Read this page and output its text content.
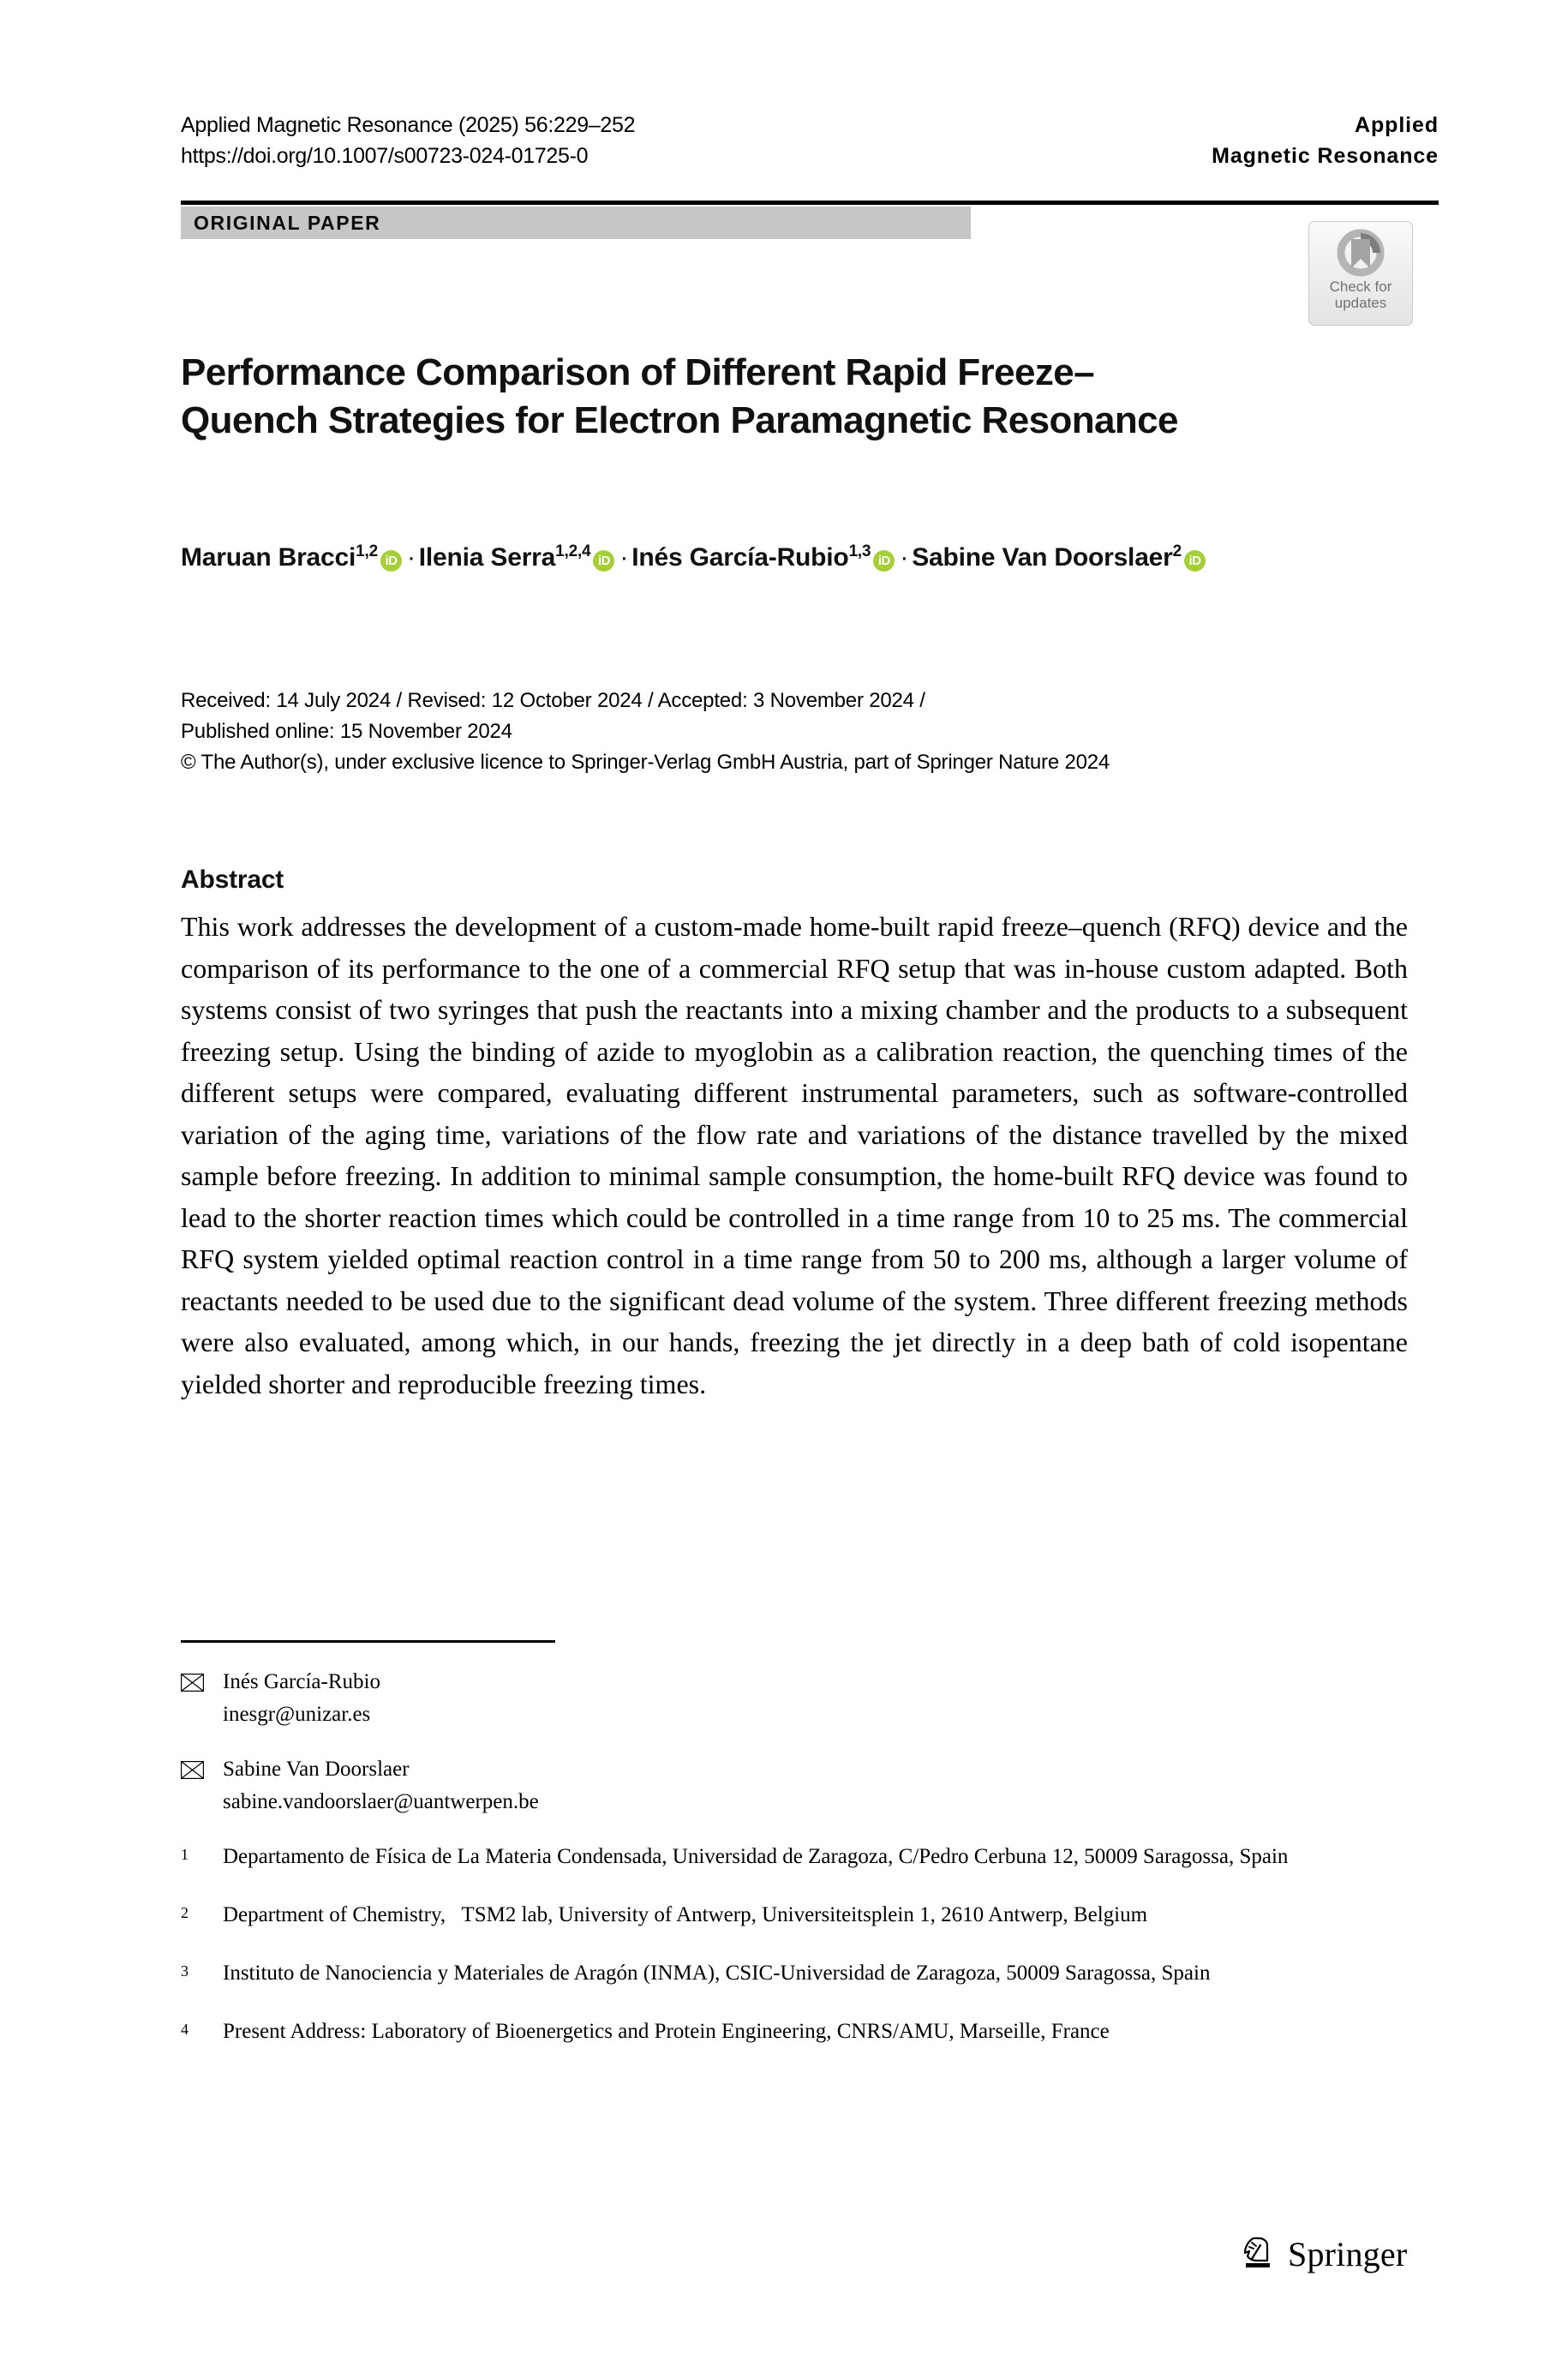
Applied Magnetic Resonance (2025) 56:229–252
https://doi.org/10.1007/s00723-024-01725-0
Applied
Magnetic Resonance
ORIGINAL PAPER
Check for
updates
Performance Comparison of Different Rapid Freeze–Quench Strategies for Electron Paramagnetic Resonance
Maruan Bracci$^{1,2}$iD · Ilenia Serra$^{1,2,4}$iD · Inés García-Rubio$^{1,3}$iD · Sabine Van Doorslaer$^2$iD
Received: 14 July 2024 / Revised: 12 October 2024 / Accepted: 3 November 2024 /
Published online: 15 November 2024
© The Author(s), under exclusive licence to Springer-Verlag GmbH Austria, part of Springer Nature 2024
Abstract
This work addresses the development of a custom-made home-built rapid freeze–quench (RFQ) device and the comparison of its performance to the one of a commercial RFQ setup that was in-house custom adapted. Both systems consist of two syringes that push the reactants into a mixing chamber and the products to a subsequent freezing setup. Using the binding of azide to myoglobin as a calibration reaction, the quenching times of the different setups were compared, evaluating different instrumental parameters, such as software-controlled variation of the aging time, variations of the flow rate and variations of the distance travelled by the mixed sample before freezing. In addition to minimal sample consumption, the home-built RFQ device was found to lead to the shorter reaction times which could be controlled in a time range from 10 to 25 ms. The commercial RFQ system yielded optimal reaction control in a time range from 50 to 200 ms, although a larger volume of reactants needed to be used due to the significant dead volume of the system. Three different freezing methods were also evaluated, among which, in our hands, freezing the jet directly in a deep bath of cold isopentane yielded shorter and reproducible freezing times.
Inés García-Rubio
inesgr@unizar.es
Sabine Van Doorslaer
sabine.vandoorslaer@uantwerpen.be
1	Departamento de Física de La Materia Condensada, Universidad de Zaragoza, C/Pedro Cerbuna 12, 50009 Saragossa, Spain
2	Department of Chemistry,  TSM2 lab, University of Antwerp, Universiteitsplein 1, 2610 Antwerp, Belgium
3	Instituto de Nanociencia y Materiales de Aragón (INMA), CSIC-Universidad de Zaragoza, 50009 Saragossa, Spain
4	Present Address: Laboratory of Bioenergetics and Protein Engineering, CNRS/AMU, Marseille, France
Springer
